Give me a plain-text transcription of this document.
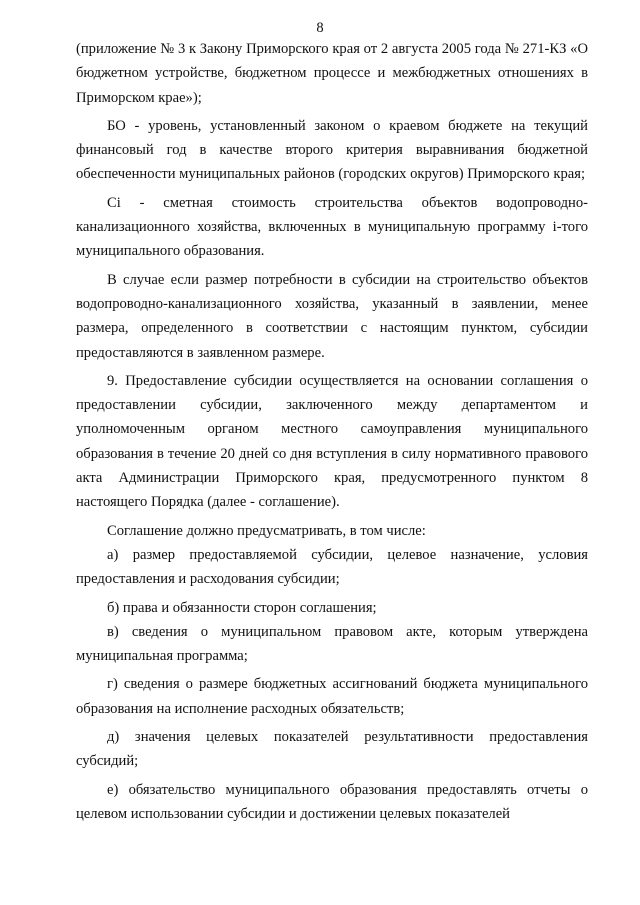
8

(приложение № 3 к Закону Приморского края от 2 августа 2005 года № 271-КЗ «О бюджетном устройстве, бюджетном процессе и межбюджетных отношениях в Приморском крае»);

БО - уровень, установленный законом о краевом бюджете на текущий финансовый год в качестве второго критерия выравнивания бюджетной обеспеченности муниципальных районов (городских округов) Приморского края;

Ci - сметная стоимость строительства объектов водопроводно-канализационного хозяйства, включенных в муниципальную программу i-того муниципального образования.

В случае если размер потребности в субсидии на строительство объектов водопроводно-канализационного хозяйства, указанный в заявлении, менее размера, определенного в соответствии с настоящим пунктом, субсидии предоставляются в заявленном размере.

9. Предоставление субсидии осуществляется на основании соглашения о предоставлении субсидии, заключенного между департаментом и уполномоченным органом местного самоуправления муниципального образования в течение 20 дней со дня вступления в силу нормативного правового акта Администрации Приморского края, предусмотренного пунктом 8 настоящего Порядка (далее - соглашение).

Соглашение должно предусматривать, в том числе:

а) размер предоставляемой субсидии, целевое назначение, условия предоставления и расходования субсидии;

б) права и обязанности сторон соглашения;

в) сведения о муниципальном правовом акте, которым утверждена муниципальная программа;

г) сведения о размере бюджетных ассигнований бюджета муниципального образования на исполнение расходных обязательств;

д) значения целевых показателей результативности предоставления субсидий;

е) обязательство муниципального образования предоставлять отчеты о целевом использовании субсидии и достижении целевых показателей
